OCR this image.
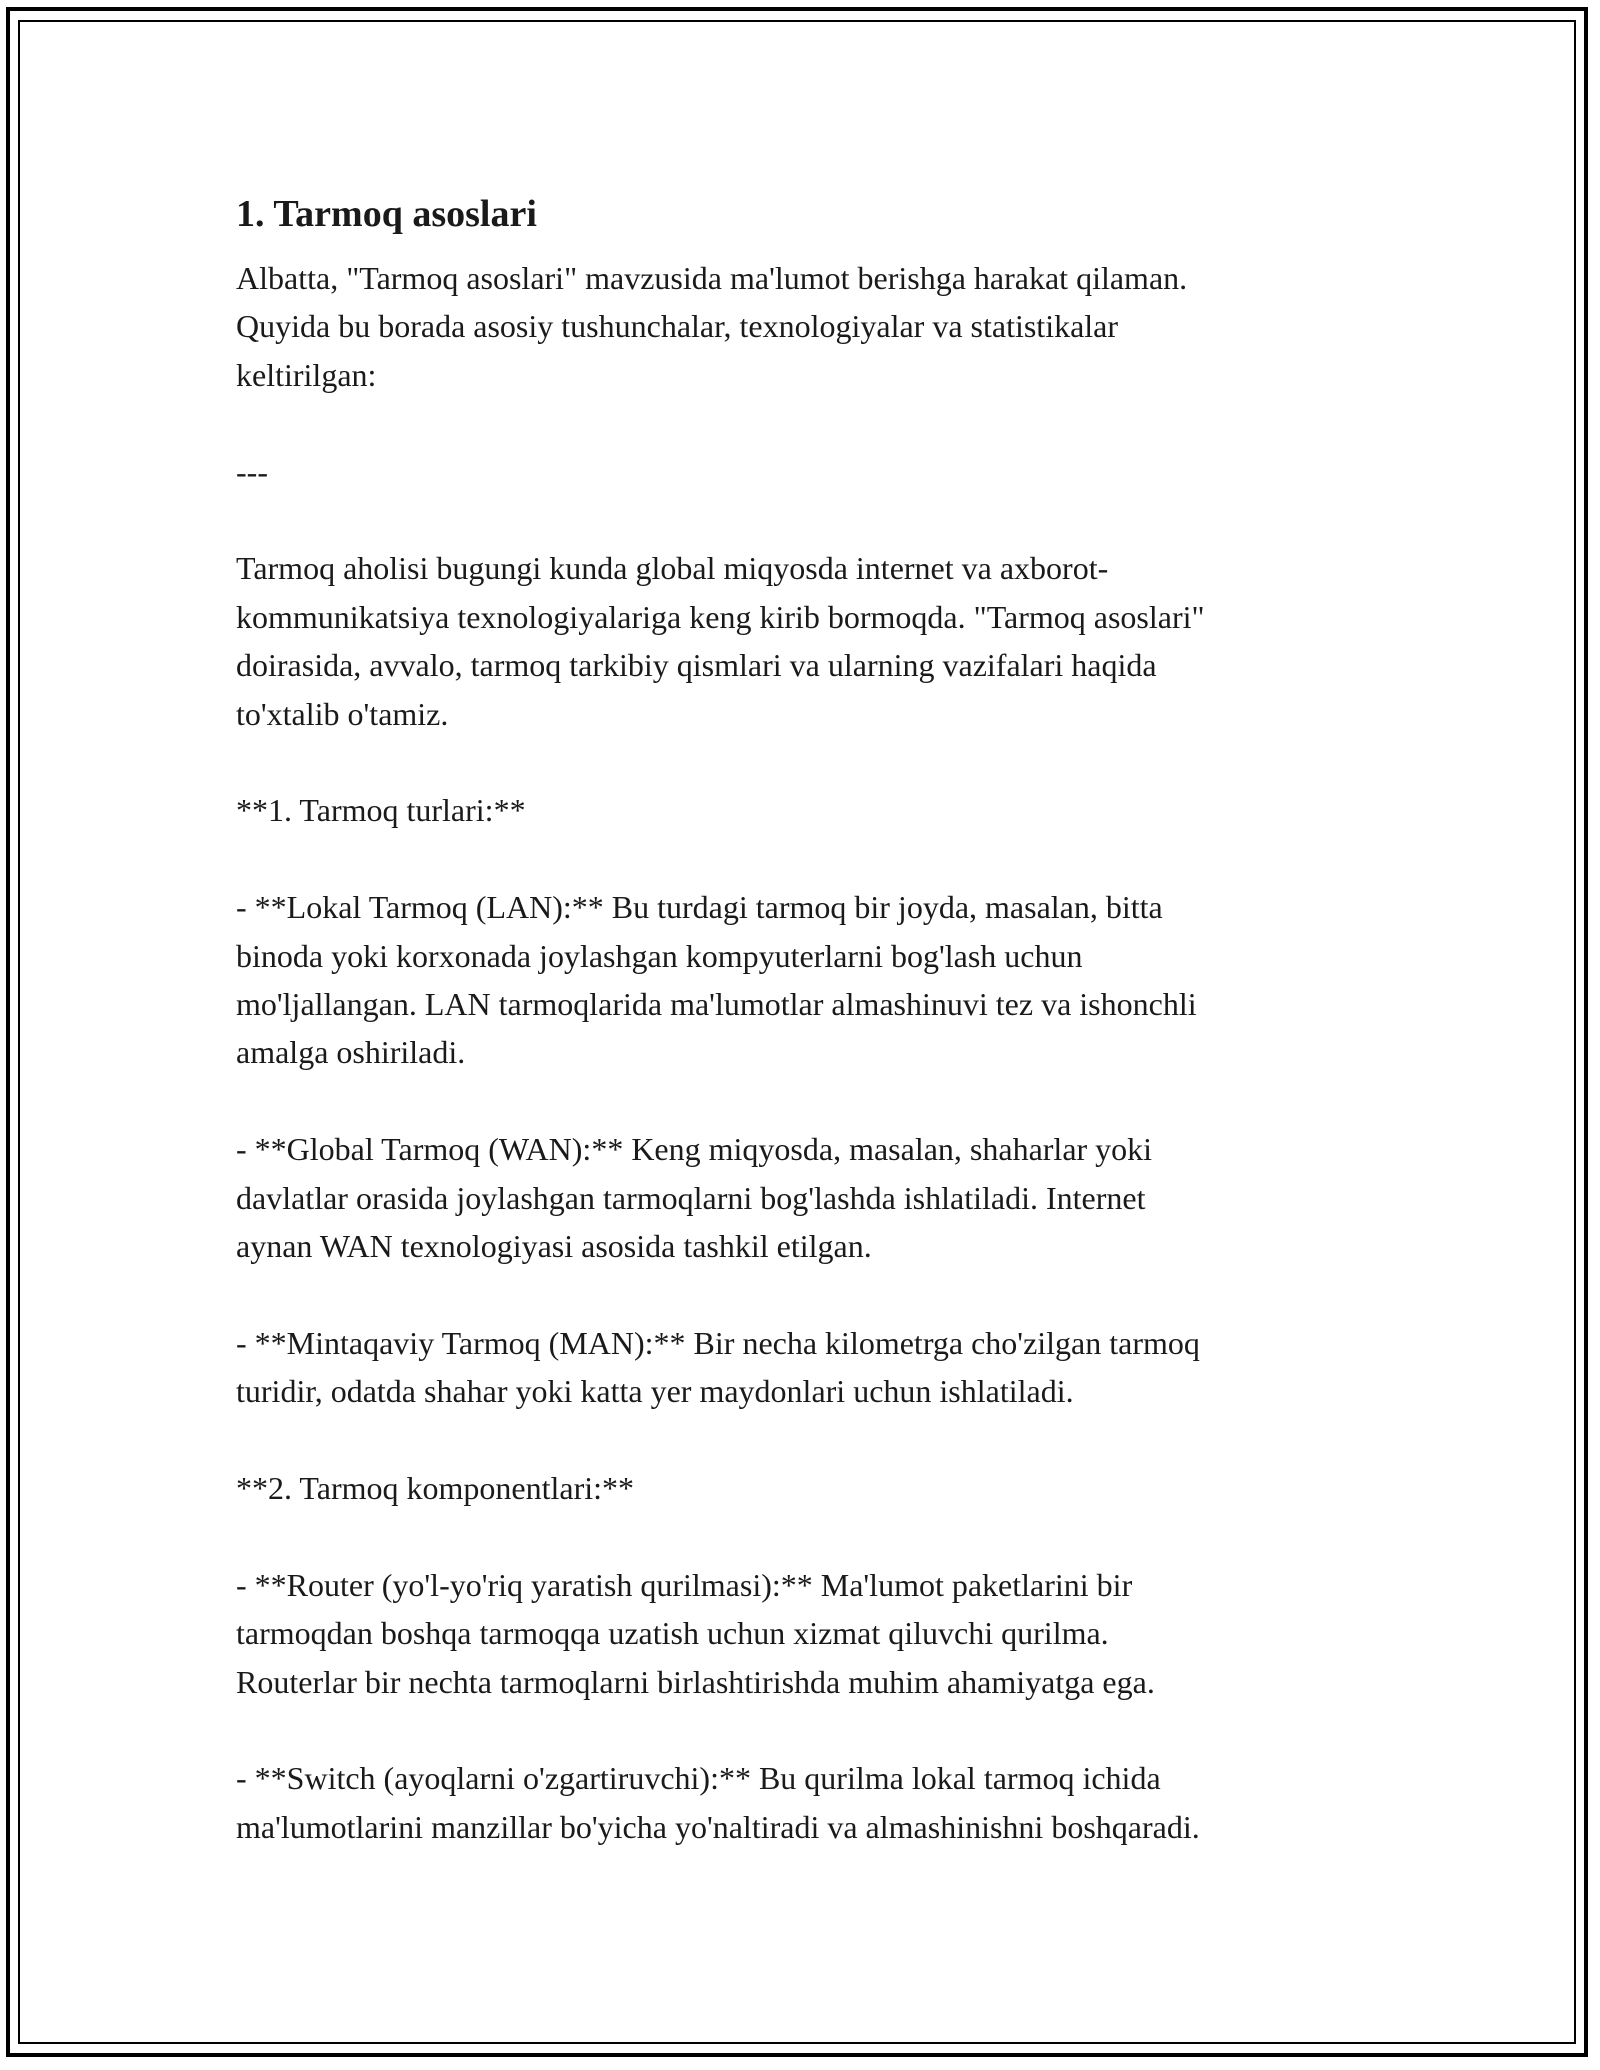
1. Tarmoq asoslari

Albatta, "Tarmoq asoslari" mavzusida ma'lumot berishga harakat qilaman.
Quyida bu borada asosiy tushunchalar, texnologiyalar va statistikalar
keltirilgan:

---

Tarmoq aholisi bugungi kunda global miqyosda internet va axborot-
kommunikatsiya texnologiyalariga keng kirib bormoqda. "Tarmoq asoslari"
doirasida, avvalo, tarmoq tarkibiy qismlari va ularning vazifalari haqida
to'xtalib o'tamiz.

**1. Tarmoq turlari:**

- **Lokal Tarmoq (LAN):** Bu turdagi tarmoq bir joyda, masalan, bitta
binoda yoki korxonada joylashgan kompyuterlarni bog'lash uchun
mo'ljallangan. LAN tarmoqlarida ma'lumotlar almashinuvi tez va ishonchli
amalga oshiriladi.

- **Global Tarmoq (WAN):** Keng miqyosda, masalan, shaharlar yoki
davlatlar orasida joylashgan tarmoqlarni bog'lashda ishlatiladi. Internet
aynan WAN texnologiyasi asosida tashkil etilgan.

- **Mintaqaviy Tarmoq (MAN):** Bir necha kilometrga cho'zilgan tarmoq
turidir, odatda shahar yoki katta yer maydonlari uchun ishlatiladi.

**2. Tarmoq komponentlari:**

- **Router (yo'l-yo'riq yaratish qurilmasi):** Ma'lumot paketlarini bir
tarmoqdan boshqa tarmoqqa uzatish uchun xizmat qiluvchi qurilma.
Routerlar bir nechta tarmoqlarni birlashtirishda muhim ahamiyatga ega.

- **Switch (ayoqlarni o'zgartiruvchi):** Bu qurilma lokal tarmoq ichida
ma'lumotlarini manzillar bo'yicha yo'naltiradi va almashinishni boshqaradi.
